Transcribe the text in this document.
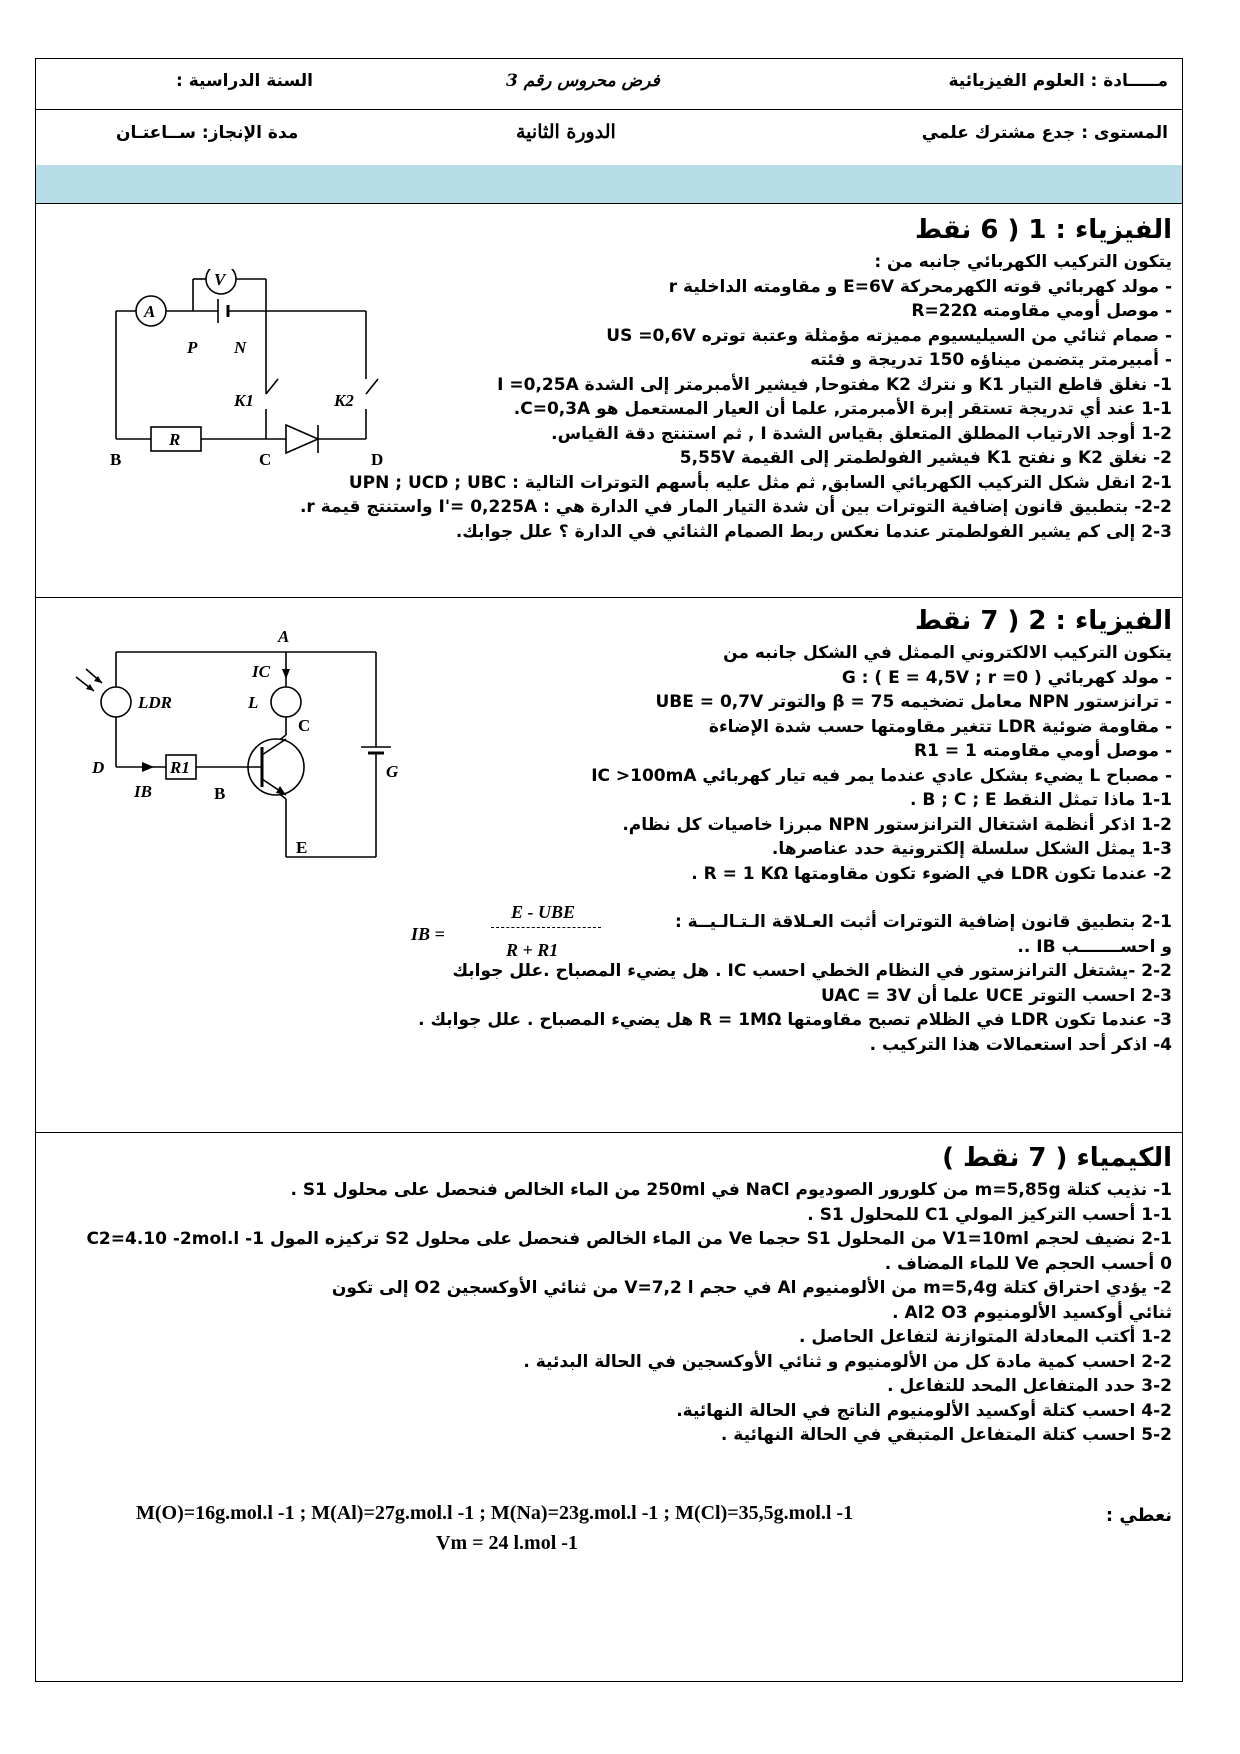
مـــــادة : العلوم الفيزيائية
فرض محروس رقم 3
السنة الدراسية :
المستوى : جدع مشترك علمي
الدورة الثانية
مدة الإنجاز: ســاعتـان
الفيزياء : 1 ( 6 نقط
يتكون التركيب الكهربائي جانبه من :
- مولد كهربائي قوته الكهرمحركة E=6V و مقاومته الداخلية r
- موصل أومي مقاومته R=22Ω
- صمام ثنائي من السيليسيوم مميزته مؤمثلة وعتبة توتره US =0,6V
- أمبيرمتر يتضمن ميناؤه 150 تدريجة و فئته
1- نغلق قاطع التيار K1 و نترك K2 مفتوحا, فيشير الأمبرمتر إلى الشدة I =0,25A
1-1 عند أي تدريجة تستقر إبرة الأمبرمتر, علما أن العيار المستعمل هو C=0,3A.
1-2 أوجد الارتياب المطلق المتعلق بقياس الشدة I , ثم استنتج دقة القياس.
2- نغلق K2 و نفتح K1 فيشير الفولطمتر إلى القيمة 5,55V
2-1 انقل شكل التركيب الكهربائي السابق, ثم مثل عليه بأسهم التوترات التالية : UPN ; UCD ; UBC
2-2- بتطبيق قانون إضافية التوترات بين أن شدة التيار المار في الدارة هي : I'= 0,225A واستنتج قيمة r.
2-3 إلى كم يشير الفولطمتر عندما نعكس ربط الصمام الثنائي في الدارة ؟ علل جوابك.
V
A
R
P N
K1	K2
B	C	D
الفيزياء : 2 ( 7 نقط
يتكون التركيب الالكتروني الممثل في الشكل جانبه من
- مولد كهربائي G : ( E = 4,5V ; r =0 )
- ترانزستور NPN معامل تضخيمه β = 75 والتوتر UBE = 0,7V
- مقاومة ضوئية LDR تتغير مقاومتها حسب شدة الإضاءة
- موصل أومي مقاومته R1 = 1
- مصباح L يضيء بشكل عادي عندما يمر فيه تيار كهربائي IC >100mA
1-1 ماذا تمثل النقط B ; C ; E .
1-2 اذكر أنظمة اشتغال الترانزستور NPN مبرزا خاصيات كل نظام.
1-3 يمثل الشكل سلسلة إلكترونية حدد عناصرها.
2- عندما تكون LDR في الضوء تكون مقاومتها R = 1 KΩ .
2-1 بتطبيق قانون إضافية التوترات أثبت العـلاقة الـتـالـيــة :
و احســـــــب IB ..
2-2 -يشتغل الترانزستور في النظام الخطي احسب IC . هل يضيء المصباح .علل جوابك
2-3 احسب التوتر UCE علما أن UAC = 3V
3- عندما تكون LDR في الظلام تصبح مقاومتها R = 1MΩ هل يضيء المصباح . علل جوابك .
4- اذكر أحد استعمالات هذا التركيب .
IB =
E - UBE
R + R1
A
IC
LDR	L
C
G
D	R1
IB	B
E
الكيمياء ( 7 نقط )
1- نذيب كتلة m=5,85g من كلورور الصوديوم NaCl في 250ml من الماء الخالص فنحصل على محلول S1 .
1-1 أحسب التركيز المولي C1 للمحلول S1 .
2-1 نضيف لحجم V1=10ml من المحلول S1 حجما Ve من الماء الخالص فنحصل على محلول S2 تركيزه المول C2=4.10 -2mol.l -1
0 أحسب الحجم Ve للماء المضاف .
2- يؤدي احتراق كتلة m=5,4g من الألومنيوم Al في حجم V=7,2 l من ثنائي الأوكسجين O2 إلى تكون
ثنائي أوكسيد الألومنيوم Al2 O3 .
1-2 أكتب المعادلة المتوازنة لتفاعل الحاصل .
2-2 احسب كمية مادة كل من الألومنيوم و ثنائي الأوكسجين في الحالة البدئية .
3-2 حدد المتفاعل المحد للتفاعل .
4-2 احسب كتلة أوكسيد الألومنيوم الناتج في الحالة النهائية.
5-2 احسب كتلة المتفاعل المتبقي في الحالة النهائية .
نعطي :
M(O)=16g.mol.l -1 ; M(Al)=27g.mol.l -1 ; M(Na)=23g.mol.l -1 ; M(Cl)=35,5g.mol.l -1
Vm = 24 l.mol -1
